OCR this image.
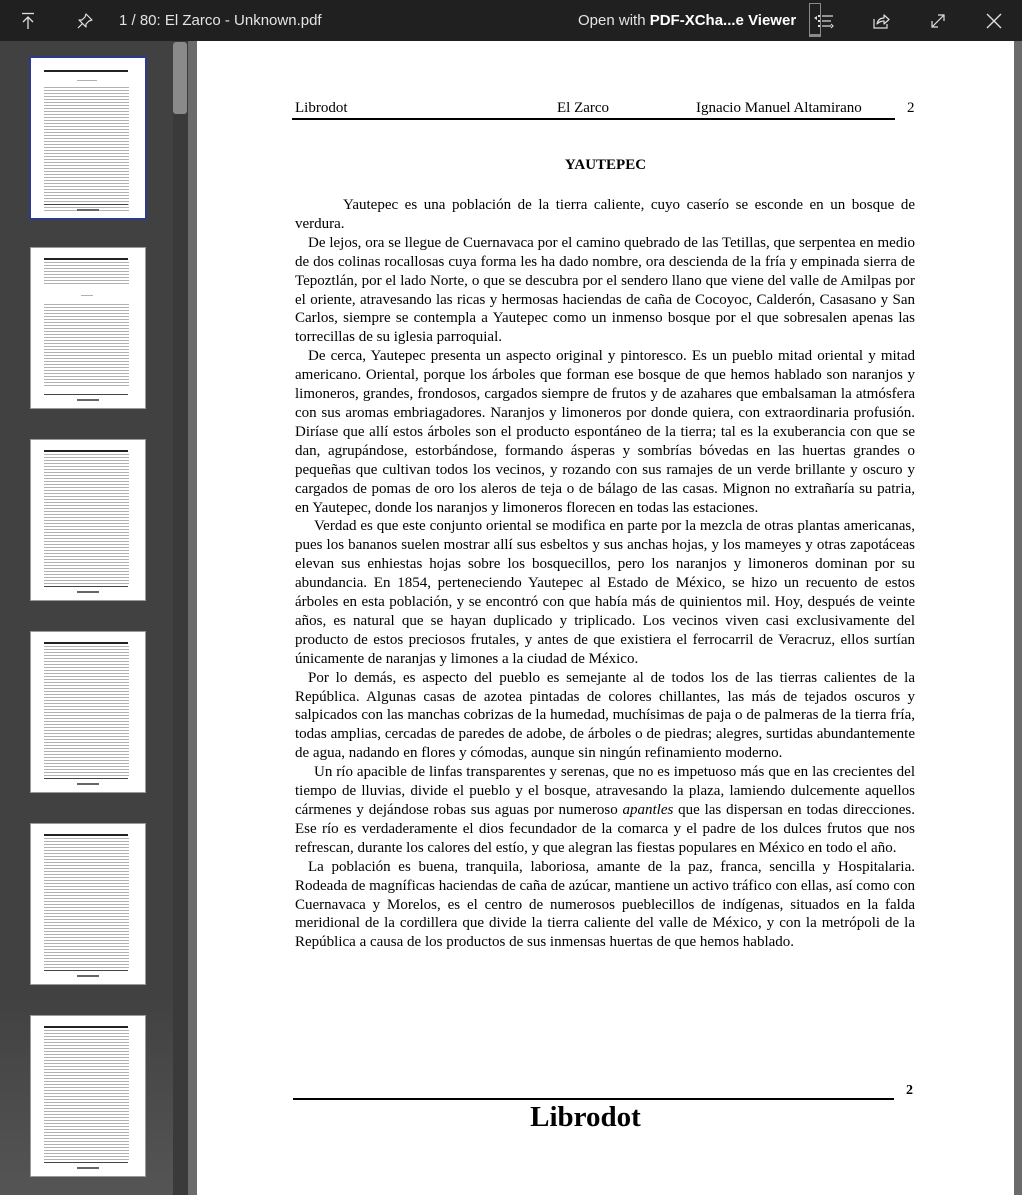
1 / 80: El Zarco - Unknown.pdf	Open with PDF-XCha...e Viewer
Librodot	El Zarco	Ignacio Manuel Altamirano	2
YAUTEPEC

Yautepec es una población de la tierra caliente, cuyo caserío se esconde en un bosque de verdura.

De lejos, ora se llegue de Cuernavaca por el camino quebrado de las Tetillas, que serpentea en medio de dos colinas rocallosas cuya forma les ha dado nombre, ora descienda de la fría y empinada sierra de Tepoztlán, por el lado Norte, o que se descubra por el sendero llano que viene del valle de Amilpas por el oriente, atravesando las ricas y hermosas haciendas de caña de Cocoyoc, Calderón, Casasano y San Carlos, siempre se contempla a Yautepec como un inmenso bosque por el que sobresalen apenas las torrecillas de su iglesia parroquial.

De cerca, Yautepec presenta un aspecto original y pintoresco. Es un pueblo mitad oriental y mitad americano. Oriental, porque los árboles que forman ese bosque de que hemos hablado son naranjos y limoneros, grandes, frondosos, cargados siempre de frutos y de azahares que embalsaman la atmósfera con sus aromas embriagadores. Naranjos y limoneros por donde quiera, con extraordinaria profusión. Diríase que allí estos árboles son el producto espontáneo de la tierra; tal es la exuberancia con que se dan, agrupándose, estorbándose, formando ásperas y sombrías bóvedas en las huertas grandes o pequeñas que cultivan todos los vecinos, y rozando con sus ramajes de un verde brillante y oscuro y cargados de pomas de oro los aleros de teja o de bálago de las casas. Mignon no extrañaría su patria, en Yautepec, donde los naranjos y limoneros florecen en todas las estaciones.

Verdad es que este conjunto oriental se modifica en parte por la mezcla de otras plantas americanas, pues los bananos suelen mostrar allí sus esbeltos y sus anchas hojas, y los mameyes y otras zapotáceas elevan sus enhiestas hojas sobre los bosquecillos, pero los naranjos y limoneros dominan por su abundancia. En 1854, perteneciendo Yautepec al Estado de México, se hizo un recuento de estos árboles en esta población, y se encontró con que había más de quinientos mil. Hoy, después de veinte años, es natural que se hayan duplicado y triplicado. Los vecinos viven casi exclusivamente del producto de estos preciosos frutales, y antes de que existiera el ferrocarril de Veracruz, ellos surtían únicamente de naranjas y limones a la ciudad de México.

Por lo demás, es aspecto del pueblo es semejante al de todos los de las tierras calientes de la República. Algunas casas de azotea pintadas de colores chillantes, las más de tejados oscuros y salpicados con las manchas cobrizas de la humedad, muchísimas de paja o de palmeras de la tierra fría, todas amplias, cercadas de paredes de adobe, de árboles o de piedras; alegres, surtidas abundantemente de agua, nadando en flores y cómodas, aunque sin ningún refinamiento moderno.

Un río apacible de linfas transparentes y serenas, que no es impetuoso más que en las crecientes del tiempo de lluvias, divide el pueblo y el bosque, atravesando la plaza, lamiendo dulcemente aquellos cármenes y dejándose robas sus aguas por numeroso apantles que las dispersan en todas direcciones. Ese río es verdaderamente el dios fecundador de la comarca y el padre de los dulces frutos que nos refrescan, durante los calores del estío, y que alegran las fiestas populares en México en todo el año.

La población es buena, tranquila, laboriosa, amante de la paz, franca, sencilla y Hospitalaria. Rodeada de magníficas haciendas de caña de azúcar, mantiene un activo tráfico con ellas, así como con Cuernavaca y Morelos, es el centro de numerosos pueblecillos de indígenas, situados en la falda meridional de la cordillera que divide la tierra caliente del valle de México, y con la metrópoli de la República a causa de los productos de sus inmensas huertas de que hemos hablado.

2
Librodot
